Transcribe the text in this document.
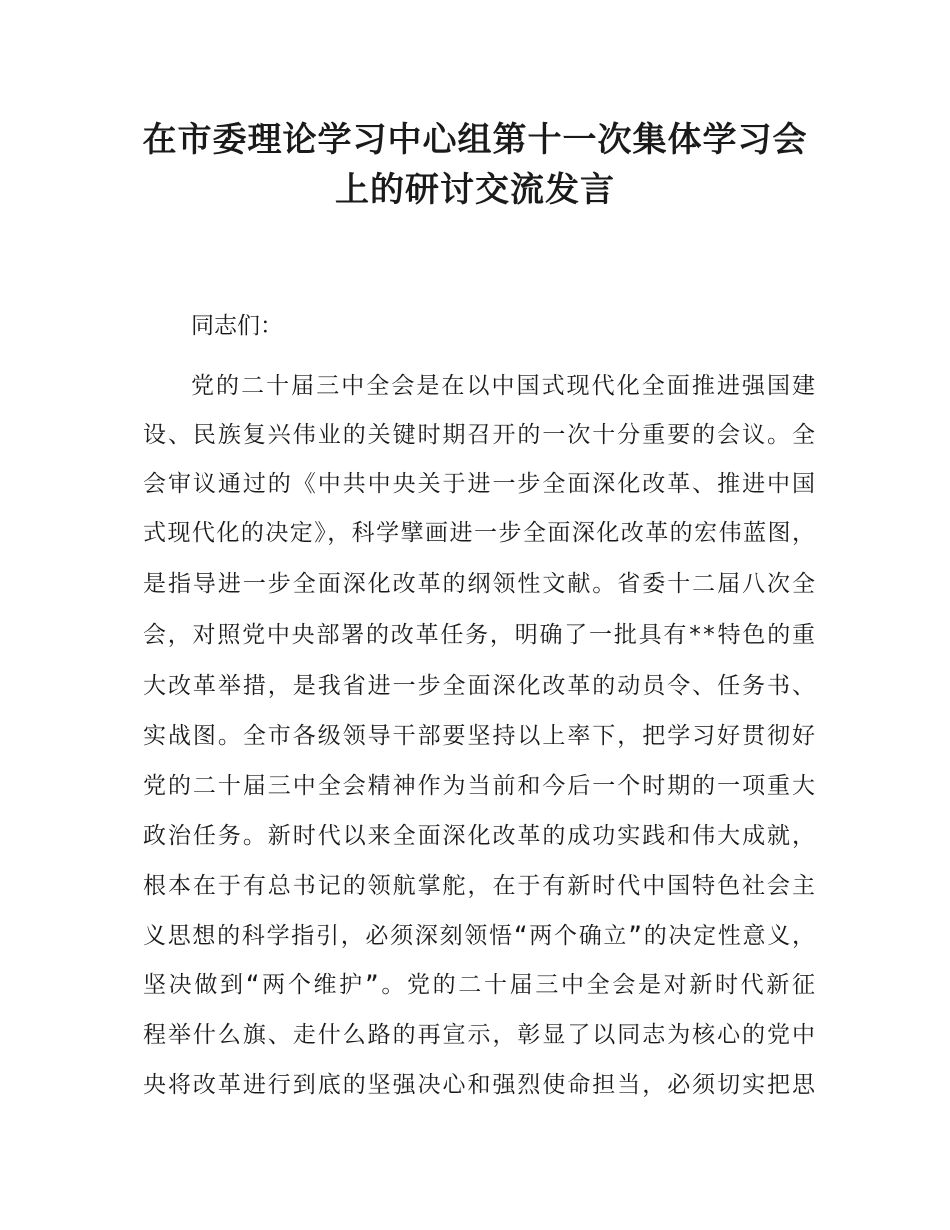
在市委理论学习中心组第十一次集体学习会
上的研讨交流发言

同志们：

党的二十届三中全会是在以中国式现代化全面推进强国建

设、民族复兴伟业的关键时期召开的一次十分重要的会议。全

会审议通过的《中共中央关于进一步全面深化改革、推进中国

式现代化的决定》，科学擘画进一步全面深化改革的宏伟蓝图，

是指导进一步全面深化改革的纲领性文献。省委十二届八次全

会，对照党中央部署的改革任务，明确了一批具有**特色的重

大改革举措，是我省进一步全面深化改革的动员令、任务书、

实战图。全市各级领导干部要坚持以上率下，把学习好贯彻好

党的二十届三中全会精神作为当前和今后一个时期的一项重大

政治任务。新时代以来全面深化改革的成功实践和伟大成就，

根本在于有总书记的领航掌舵，在于有新时代中国特色社会主

义思想的科学指引，必须深刻领悟“两个确立”的决定性意义，

坚决做到“两个维护”。党的二十届三中全会是对新时代新征

程举什么旗、走什么路的再宣示，彰显了以同志为核心的党中

央将改革进行到底的坚强决心和强烈使命担当，必须切实把思
